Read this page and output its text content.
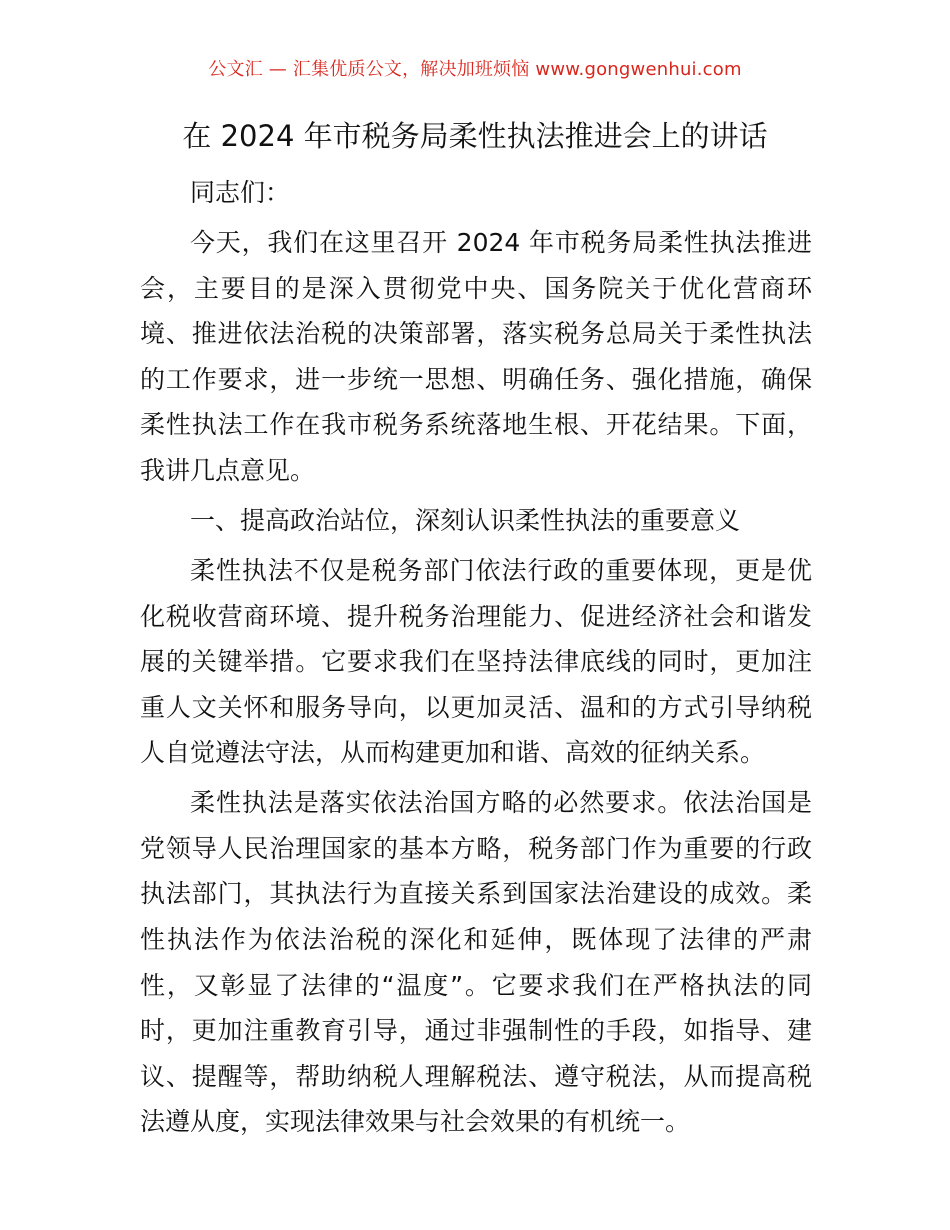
公文汇 — 汇集优质公文，解决加班烦恼 www.gongwenhui.com
在 2024 年市税务局柔性执法推进会上的讲话

同志们：

今天，我们在这里召开 2024 年市税务局柔性执法推进会，主要目的是深入贯彻党中央、国务院关于优化营商环境、推进依法治税的决策部署，落实税务总局关于柔性执法的工作要求，进一步统一思想、明确任务、强化措施，确保柔性执法工作在我市税务系统落地生根、开花结果。下面，我讲几点意见。

一、提高政治站位，深刻认识柔性执法的重要意义

柔性执法不仅是税务部门依法行政的重要体现，更是优化税收营商环境、提升税务治理能力、促进经济社会和谐发展的关键举措。它要求我们在坚持法律底线的同时，更加注重人文关怀和服务导向，以更加灵活、温和的方式引导纳税人自觉遵法守法，从而构建更加和谐、高效的征纳关系。

柔性执法是落实依法治国方略的必然要求。依法治国是党领导人民治理国家的基本方略，税务部门作为重要的行政执法部门，其执法行为直接关系到国家法治建设的成效。柔性执法作为依法治税的深化和延伸，既体现了法律的严肃性，又彰显了法律的“温度”。它要求我们在严格执法的同时，更加注重教育引导，通过非强制性的手段，如指导、建议、提醒等，帮助纳税人理解税法、遵守税法，从而提高税法遵从度，实现法律效果与社会效果的有机统一。
